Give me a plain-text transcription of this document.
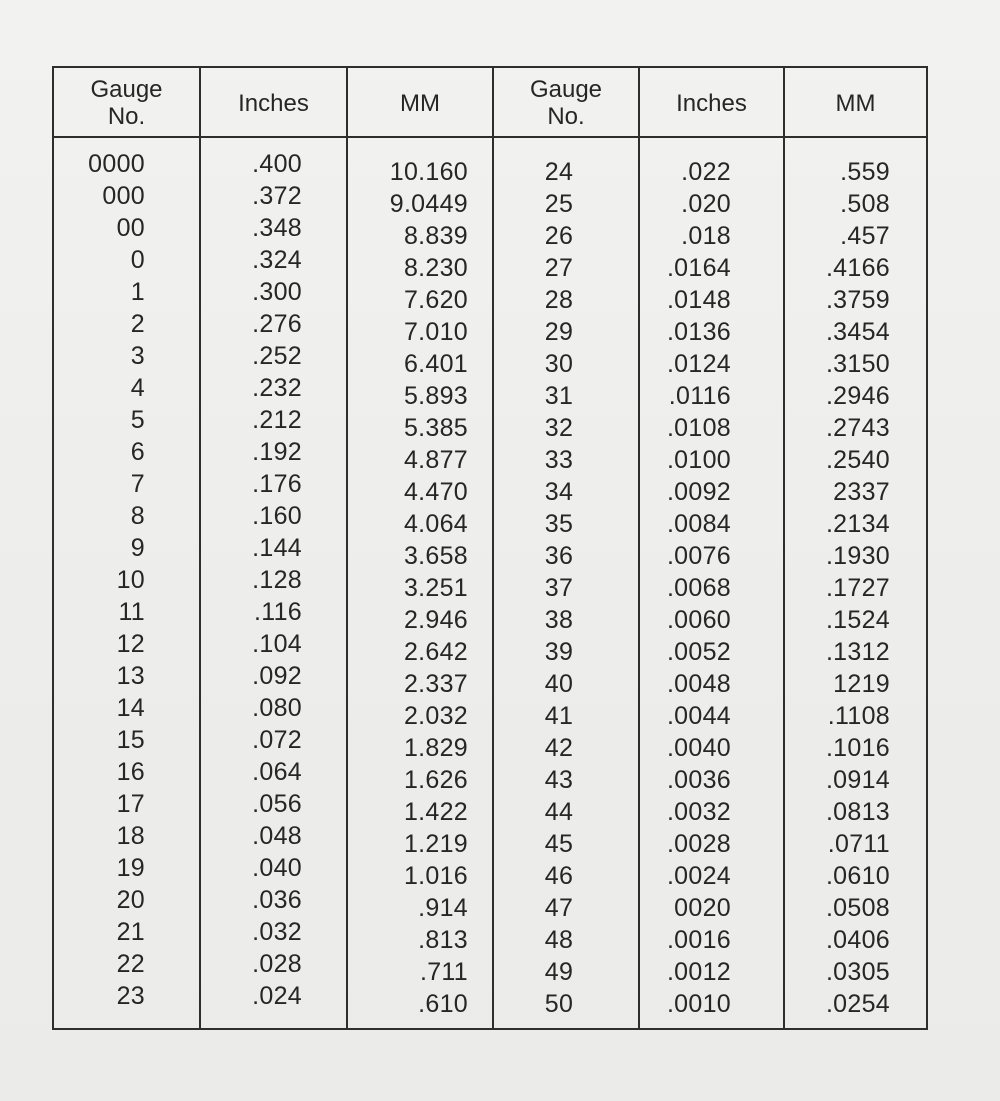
Gauge
No.
0000
000
00
0
1
2
3
4
5
6
7
8
9
10
11
12
13
14
15
16
17
18
19
20
21
22
23
Inches
.400
.372
.348
.324
.300
.276
.252
.232
.212
.192
.176
.160
.144
.128
.116
.104
.092
.080
.072
.064
.056
.048
.040
.036
.032
.028
.024
MM
10.160
9.0449
8.839
8.230
7.620
7.010
6.401
5.893
5.385
4.877
4.470
4.064
3.658
3.251
2.946
2.642
2.337
2.032
1.829
1.626
1.422
1.219
1.016
.914
.813
.711
.610
Gauge
No.
24
25
26
27
28
29
30
31
32
33
34
35
36
37
38
39
40
41
42
43
44
45
46
47
48
49
50
Inches
.022
.020
.018
.0164
.0148
.0136
.0124
.0116
.0108
.0100
.0092
.0084
.0076
.0068
.0060
.0052
.0048
.0044
.0040
.0036
.0032
.0028
.0024
0020
.0016
.0012
.0010
MM
.559
.508
.457
.4166
.3759
.3454
.3150
.2946
.2743
.2540
2337
.2134
.1930
.1727
.1524
.1312
1219
.1108
.1016
.0914
.0813
.0711
.0610
.0508
.0406
.0305
.0254
